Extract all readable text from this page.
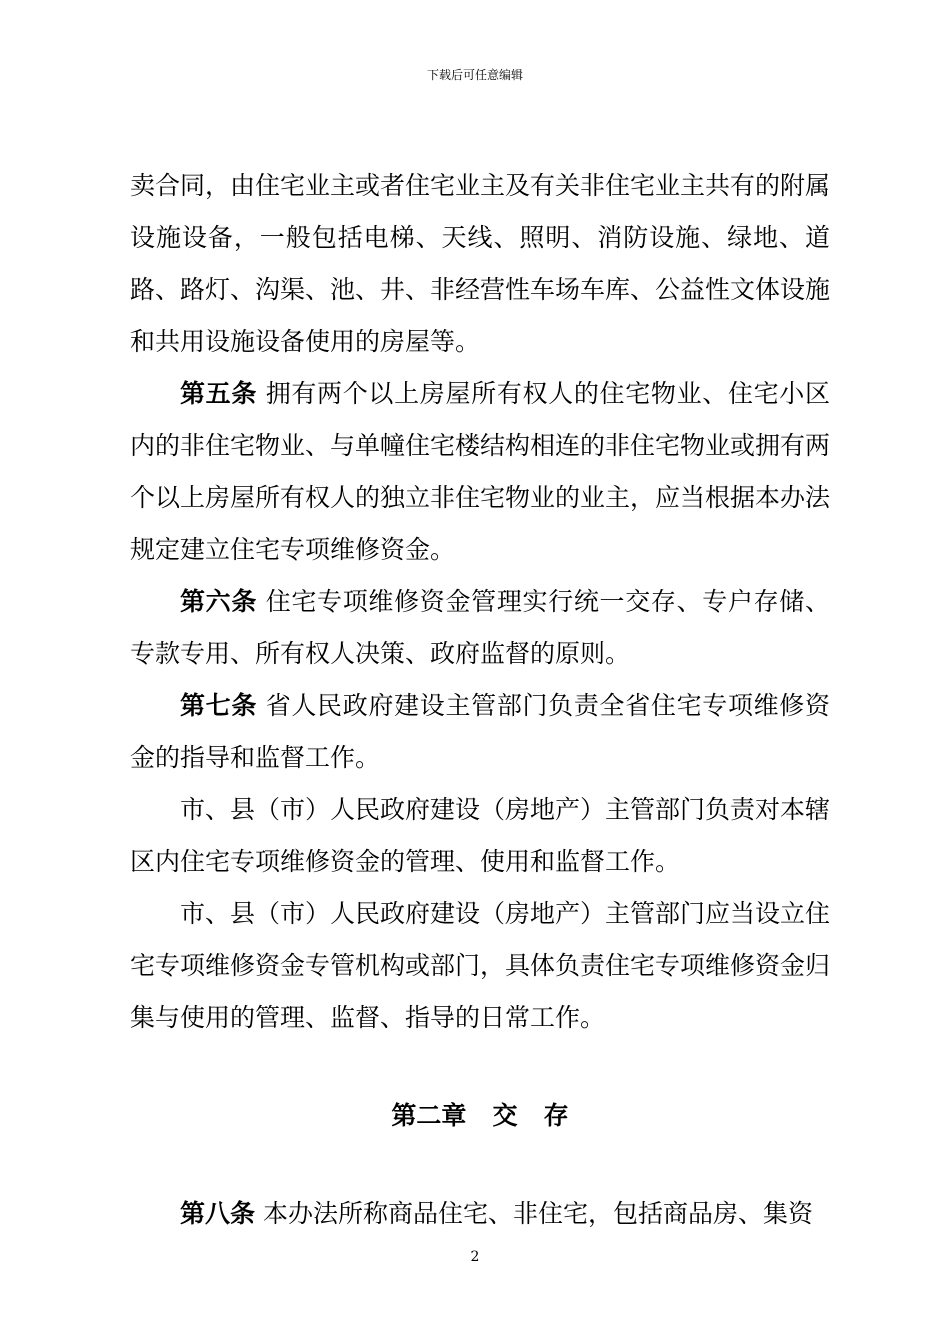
下载后可任意编辑

卖合同，由住宅业主或者住宅业主及有关非住宅业主共有的附属设施设备，一般包括电梯、天线、照明、消防设施、绿地、道路、路灯、沟渠、池、井、非经营性车场车库、公益性文体设施和共用设施设备使用的房屋等。

第五条 拥有两个以上房屋所有权人的住宅物业、住宅小区内的非住宅物业、与单幢住宅楼结构相连的非住宅物业或拥有两个以上房屋所有权人的独立非住宅物业的业主，应当根据本办法规定建立住宅专项维修资金。

第六条 住宅专项维修资金管理实行统一交存、专户存储、专款专用、所有权人决策、政府监督的原则。

第七条 省人民政府建设主管部门负责全省住宅专项维修资金的指导和监督工作。

市、县（市）人民政府建设（房地产）主管部门负责对本辖区内住宅专项维修资金的管理、使用和监督工作。

市、县（市）人民政府建设（房地产）主管部门应当设立住宅专项维修资金专管机构或部门，具体负责住宅专项维修资金归集与使用的管理、监督、指导的日常工作。

第二章   交   存

第八条 本办法所称商品住宅、非住宅，包括商品房、集资

2
